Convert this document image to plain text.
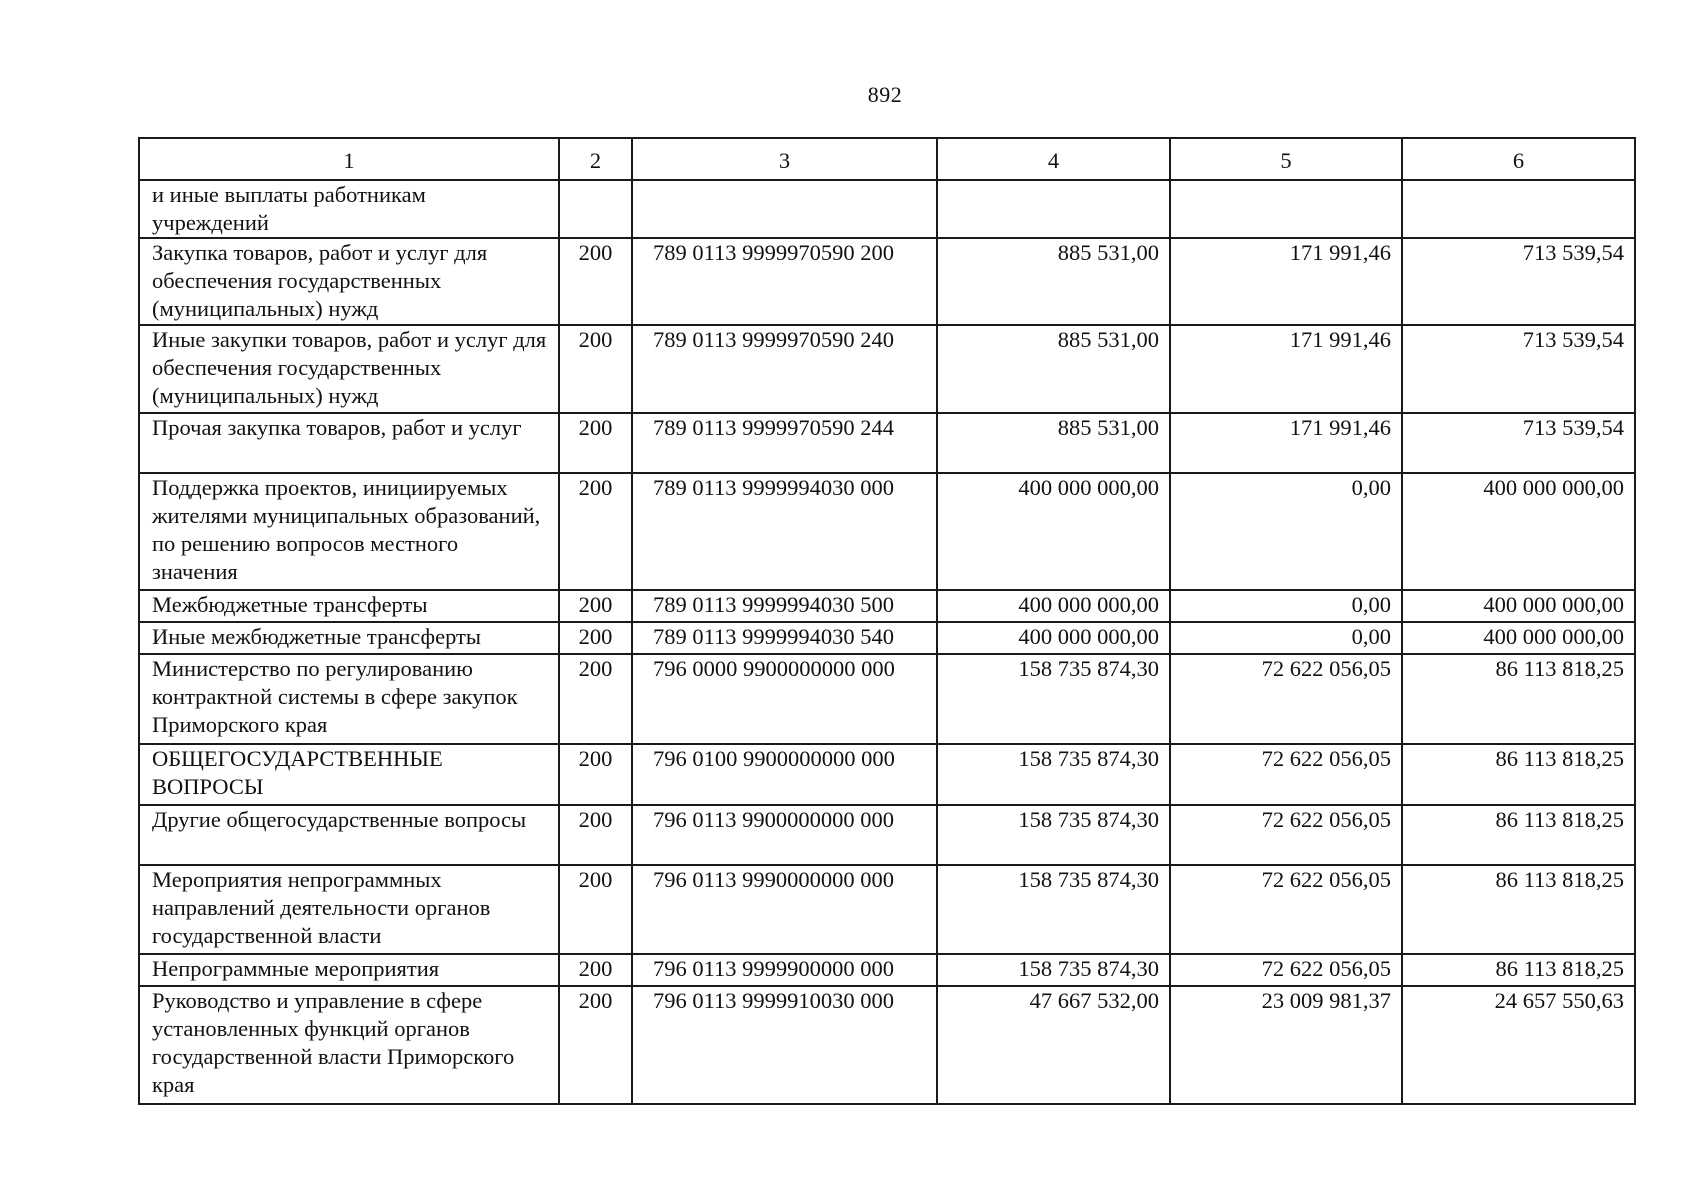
892
1	2	3	4	5	6
и иные выплаты работникам учреждений					
Закупка товаров, работ и услуг для обеспечения государственных (муниципальных) нужд	200	789 0113 9999970590 200	885 531,00	171 991,46	713 539,54
Иные закупки товаров, работ и услуг для обеспечения государственных (муниципальных) нужд	200	789 0113 9999970590 240	885 531,00	171 991,46	713 539,54
Прочая закупка товаров, работ и услуг	200	789 0113 9999970590 244	885 531,00	171 991,46	713 539,54
Поддержка проектов, инициируемых жителями муниципальных образований, по решению вопросов местного значения	200	789 0113 9999994030 000	400 000 000,00	0,00	400 000 000,00
Межбюджетные трансферты	200	789 0113 9999994030 500	400 000 000,00	0,00	400 000 000,00
Иные межбюджетные трансферты	200	789 0113 9999994030 540	400 000 000,00	0,00	400 000 000,00
Министерство по регулированию контрактной системы в сфере закупок Приморского края	200	796 0000 9900000000 000	158 735 874,30	72 622 056,05	86 113 818,25
ОБЩЕГОСУДАРСТВЕННЫЕ ВОПРОСЫ	200	796 0100 9900000000 000	158 735 874,30	72 622 056,05	86 113 818,25
Другие общегосударственные вопросы	200	796 0113 9900000000 000	158 735 874,30	72 622 056,05	86 113 818,25
Мероприятия непрограммных направлений деятельности органов государственной власти	200	796 0113 9990000000 000	158 735 874,30	72 622 056,05	86 113 818,25
Непрограммные мероприятия	200	796 0113 9999900000 000	158 735 874,30	72 622 056,05	86 113 818,25
Руководство и управление в сфере установленных функций органов государственной власти Приморского края	200	796 0113 9999910030 000	47 667 532,00	23 009 981,37	24 657 550,63
